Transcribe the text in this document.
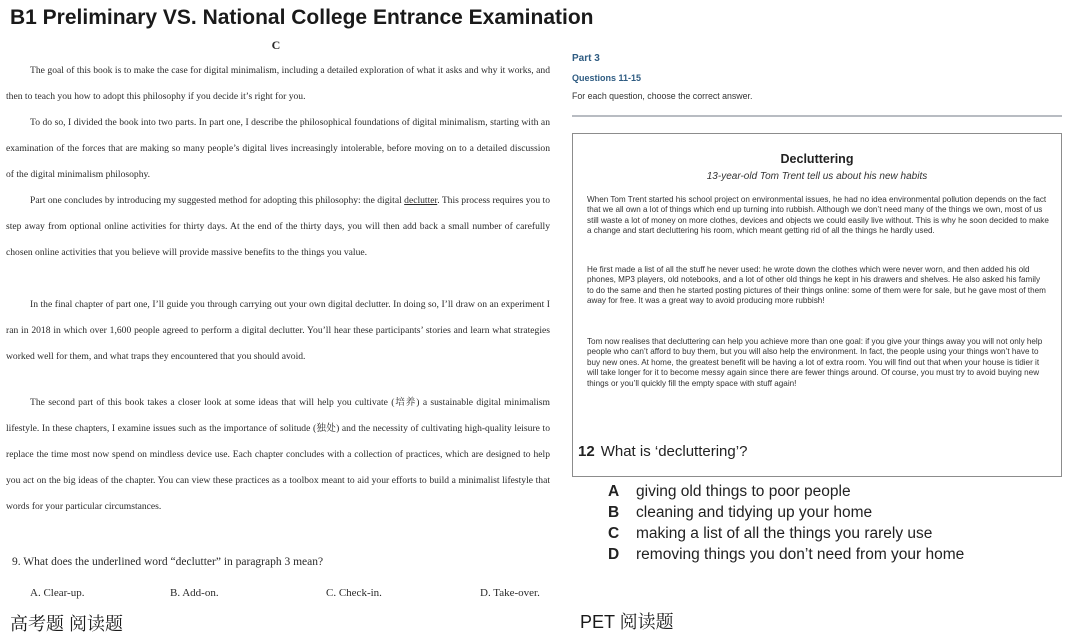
B1 Preliminary VS. National College Entrance Examination
C
The goal of this book is to make the case for digital minimalism, including a detailed exploration of what it asks and why it works, and then to teach you how to adopt this philosophy if you decide it’s right for you.
To do so, I divided the book into two parts. In part one, I describe the philosophical foundations of digital minimalism, starting with an examination of the forces that are making so many people’s digital lives increasingly intolerable, before moving on to a detailed discussion of the digital minimalism philosophy.
Part one concludes by introducing my suggested method for adopting this philosophy: the digital declutter. This process requires you to step away from optional online activities for thirty days. At the end of the thirty days, you will then add back a small number of carefully chosen online activities that you believe will provide massive benefits to the things you value.
In the final chapter of part one, I’ll guide you through carrying out your own digital declutter. In doing so, I’ll draw on an experiment I ran in 2018 in which over 1,600 people agreed to perform a digital declutter. You’ll hear these participants’ stories and learn what strategies worked well for them, and what traps they encountered that you should avoid.
The second part of this book takes a closer look at some ideas that will help you cultivate (培养) a sustainable digital minimalism lifestyle. In these chapters, I examine issues such as the importance of solitude (独处) and the necessity of cultivating high-quality leisure to replace the time most now spend on mindless device use. Each chapter concludes with a collection of practices, which are designed to help you act on the big ideas of the chapter. You can view these practices as a toolbox meant to aid your efforts to build a minimalist lifestyle that words for your particular circumstances.
9. What does the underlined word “declutter” in paragraph 3 mean?
A. Clear-up.	B. Add-on.	C. Check-in.	D. Take-over.
高考题 阅读题
Part 3
Questions 11-15
For each question, choose the correct answer.
Decluttering
13-year-old Tom Trent tell us about his new habits
When Tom Trent started his school project on environmental issues, he had no idea environmental pollution depends on the fact that we all own a lot of things which end up turning into rubbish. Although we don’t need many of the things we own, most of us still waste a lot of money on more clothes, devices and objects we could easily live without. This is why he soon decided to make a change and start decluttering his room, which meant getting rid of all the things he hardly used.
He first made a list of all the stuff he never used: he wrote down the clothes which were never worn, and then added his old phones, MP3 players, old notebooks, and a lot of other old things he kept in his drawers and shelves. He also asked his family to do the same and then he started posting pictures of their things online: some of them were for sale, but he gave most of them away for free. It was a great way to avoid producing more rubbish!
Tom now realises that decluttering can help you achieve more than one goal: if you give your things away you will not only help people who can’t afford to buy them, but you will also help the environment. In fact, the people using your things won’t have to buy new ones. At home, the greatest benefit will be having a lot of extra room. You will find out that when your house is tidier it will take longer for it to become messy again since there are fewer things around. Of course, you must try to avoid buying new things or you’ll quickly fill the empty space with stuff again!
12 What is ‘decluttering’?
A giving old things to poor people
B cleaning and tidying up your home
C making a list of all the things you rarely use
D removing things you don’t need from your home
PET 阅读题
